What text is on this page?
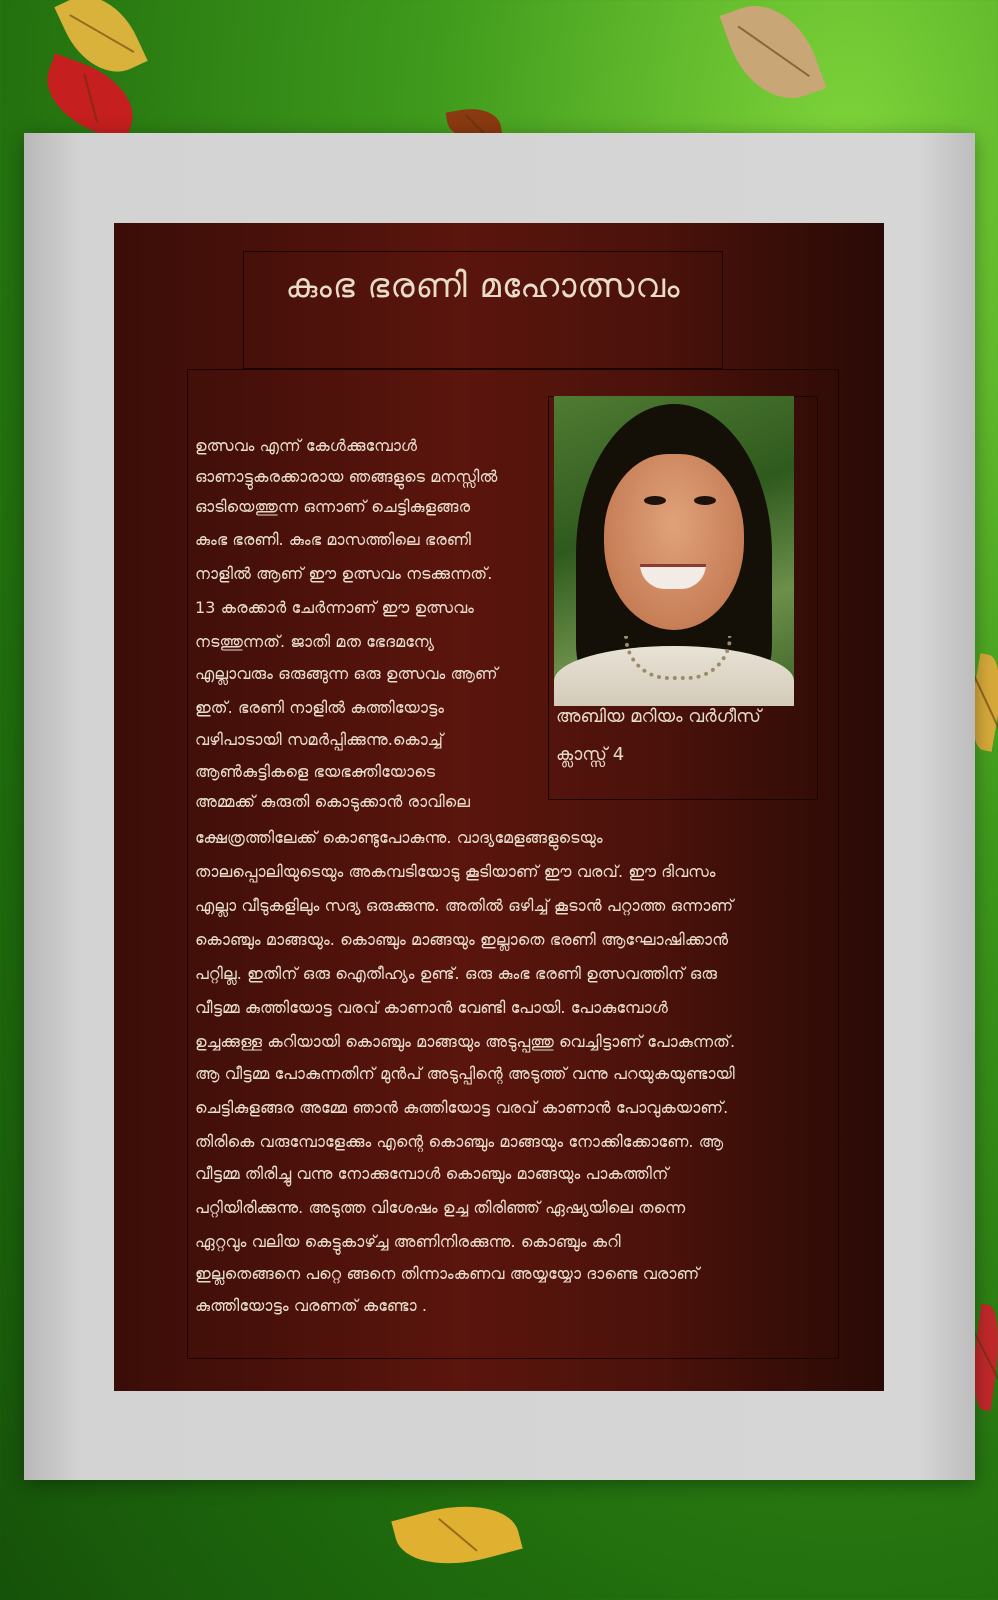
കുംഭ ഭരണി മഹോത്സവം
അബിയ മറിയം വർഗീസ്
ക്ലാസ്സ് 4
ഉത്സവം എന്ന് കേൾക്കുമ്പോൾ
ഓണാട്ടുകരക്കാരായ ഞങ്ങളുടെ മനസ്സിൽ
ഓടിയെത്തുന്ന ഒന്നാണ് ചെട്ടികുളങ്ങര
കുംഭ ഭരണി. കുംഭ മാസത്തിലെ ഭരണി
നാളിൽ ആണ് ഈ ഉത്സവം നടക്കുന്നത്.
13 കരക്കാർ ചേർന്നാണ് ഈ ഉത്സവം
നടത്തുന്നത്. ജാതി മത ഭേദമന്യേ
എല്ലാവരും ഒരുങ്ങുന്ന ഒരു ഉത്സവം ആണ്
ഇത്. ഭരണി നാളിൽ കുത്തിയോട്ടം
വഴിപാടായി സമർപ്പിക്കുന്നു.കൊച്ച്
ആൺകുട്ടികളെ ഭയഭക്തിയോടെ
അമ്മക്ക് കുരുതി കൊടുക്കാൻ രാവിലെ
ക്ഷേത്രത്തിലേക്ക് കൊണ്ടുപോകുന്നു. വാദ്യമേളങ്ങളുടെയും
താലപ്പൊലിയുടെയും അകമ്പടിയോടു കൂടിയാണ് ഈ വരവ്. ഈ ദിവസം
എല്ലാ വീടുകളിലും സദ്യ ഒരുക്കുന്നു. അതിൽ ഒഴിച്ച് കൂടാൻ പറ്റാത്ത ഒന്നാണ്
കൊഞ്ചും മാങ്ങയും. കൊഞ്ചും മാങ്ങയും ഇല്ലാതെ ഭരണി ആഘോഷിക്കാൻ
പറ്റില്ല. ഇതിന് ഒരു ഐതീഹ്യം ഉണ്ട്. ഒരു കുംഭ ഭരണി ഉത്സവത്തിന് ഒരു
വീട്ടമ്മ കുത്തിയോട്ട വരവ് കാണാൻ വേണ്ടി പോയി. പോകുമ്പോൾ
ഉച്ചക്കുള്ള കറിയായി കൊഞ്ചും മാങ്ങയും അടുപ്പത്തു വെച്ചിട്ടാണ് പോകുന്നത്.
ആ വീട്ടമ്മ പോകുന്നതിന് മുൻപ് അടുപ്പിന്റെ അടുത്ത് വന്നു പറയുകയുണ്ടായി
ചെട്ടികുളങ്ങര അമ്മേ ഞാൻ കുത്തിയോട്ട വരവ് കാണാൻ പോവുകയാണ്.
തിരികെ വരുമ്പോളേക്കും എന്റെ കൊഞ്ചും മാങ്ങയും നോക്കിക്കോണേ. ആ
വീട്ടമ്മ തിരിച്ചു വന്നു നോക്കുമ്പോൾ കൊഞ്ചും മാങ്ങയും പാകത്തിന്
പറ്റിയിരിക്കുന്നു. അടുത്ത വിശേഷം ഉച്ച തിരിഞ്ഞ് ഏഷ്യയിലെ തന്നെ
ഏറ്റവും വലിയ കെട്ടുകാഴ്ച്ച അണിനിരക്കുന്നു. കൊഞ്ചും കറി
ഇല്ലതെങ്ങനെ പറ്റെ ങ്ങനെ തിന്നാംകണവ അയ്യയ്യോ ദാണ്ടെ വരാണ്
കുത്തിയോട്ടം വരണത് കണ്ടോ .
